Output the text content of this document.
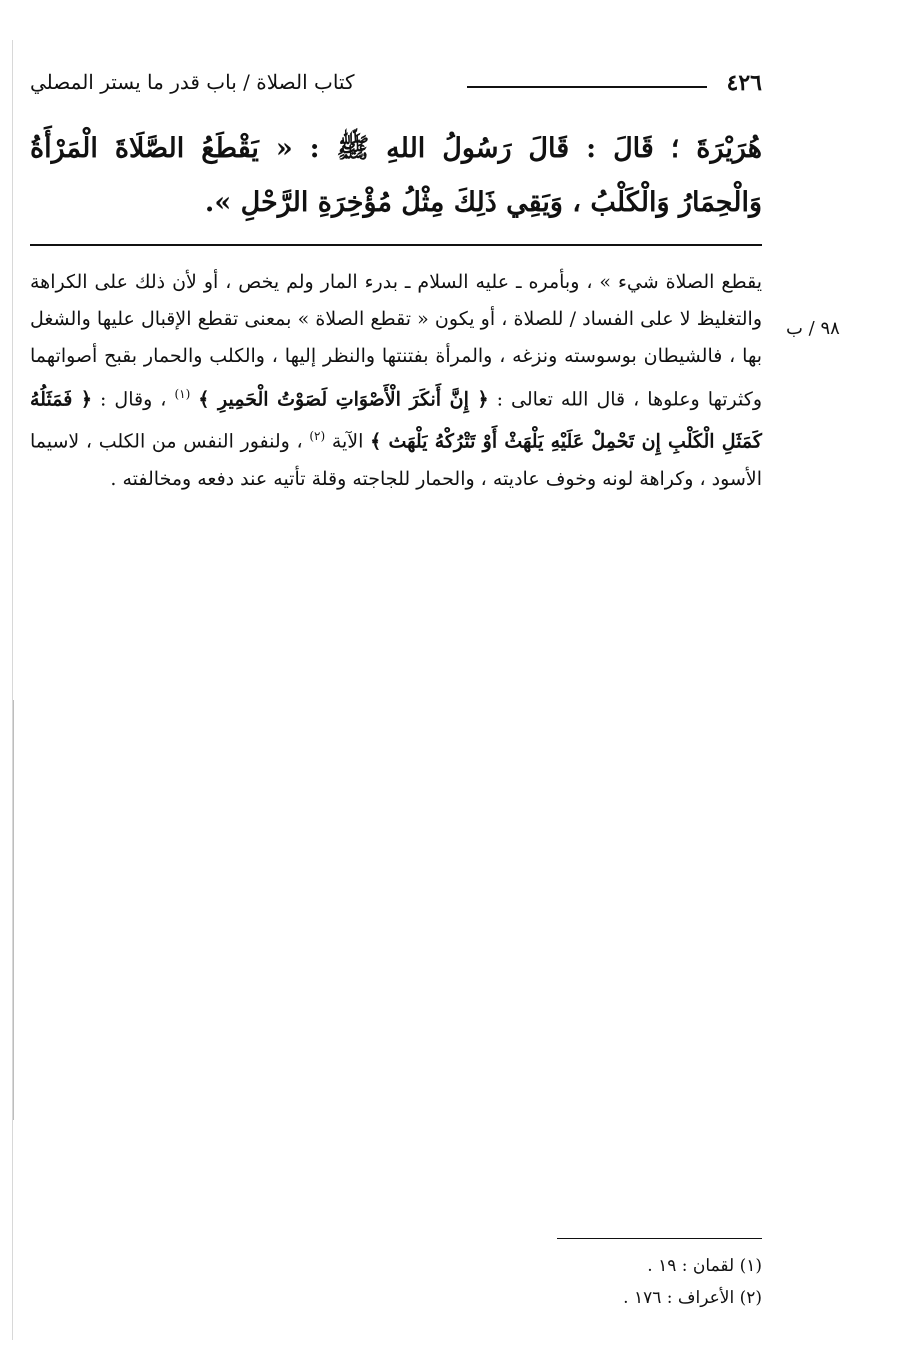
٤٢٦
كتاب الصلاة / باب قدر ما يستر المصلي
هُرَيْرَةَ ؛ قَالَ : قَالَ رَسُولُ اللهِ ﷺ : « يَقْطَعُ الصَّلَاةَ الْمَرْأَةُ وَالْحِمَارُ وَالْكَلْبُ ، وَيَقِي ذَلِكَ مِثْلُ مُؤْخِرَةِ الرَّحْلِ ».

يقطع الصلاة شيء » ، وبأمره ـ عليه السلام ـ بدرء المار ولم يخص ، أو لأن ذلك على الكراهة والتغليظ لا على الفساد / للصلاة ، أو يكون « تقطع الصلاة » بمعنى تقطع الإقبال عليها والشغل بها ، فالشيطان بوسوسته ونزغه ، والمرأة بفتنتها والنظر إليها ، والكلب والحمار بقبح أصواتهما وكثرتها وعلوها ، قال الله تعالى : ﴿ إِنَّ أَنكَرَ الْأَصْوَاتِ لَصَوْتُ الْحَمِيرِ ﴾ $^{(١)}$ ، وقال : ﴿ فَمَثَلُهُ كَمَثَلِ الْكَلْبِ إِن تَحْمِلْ عَلَيْهِ يَلْهَثْ أَوْ تَتْرُكْهُ يَلْهَث ﴾ الآية $^{(٢)}$ ، ولنفور النفس من الكلب ، لاسيما الأسود ، وكراهة لونه وخوف عاديته ، والحمار للجاجته وقلة تأتيه عند دفعه ومخالفته .

٩٨ / ب
(١) لقمان : ١٩ .
(٢) الأعراف : ١٧٦ .
